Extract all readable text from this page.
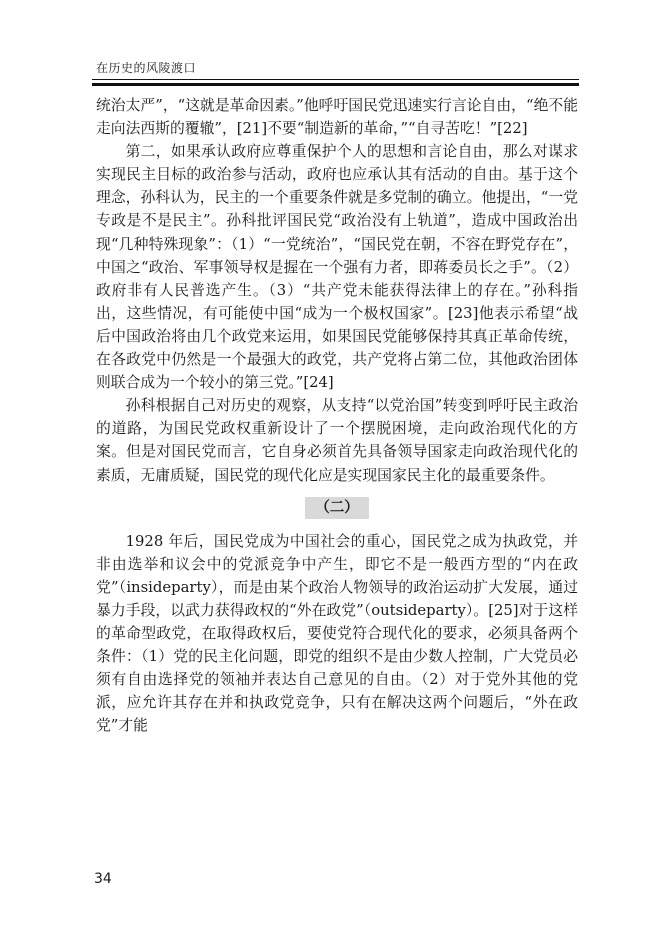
在历史的风陵渡口

统治太严”，“这就是革命因素。”他呼吁国民党迅速实行言论自由，“绝不能走向法西斯的覆辙”，[21]不要“制造新的革命，”“自寻苦吃！”[22]

第二，如果承认政府应尊重保护个人的思想和言论自由，那么对谋求实现民主目标的政治参与活动，政府也应承认其有活动的自由。基于这个理念，孙科认为，民主的一个重要条件就是多党制的确立。他提出，“一党专政是不是民主”。孙科批评国民党“政治没有上轨道”，造成中国政治出现“几种特殊现象”：（1）“一党统治”，“国民党在朝，不容在野党存在”，中国之“政治、军事领导权是握在一个强有力者，即蒋委员长之手”。（2）政府非有人民普选产生。（3）“共产党未能获得法律上的存在。”孙科指出，这些情况，有可能使中国“成为一个极权国家”。[23]他表示希望“战后中国政治将由几个政党来运用，如果国民党能够保持其真正革命传统，在各政党中仍然是一个最强大的政党，共产党将占第二位，其他政治团体则联合成为一个较小的第三党。”[24]

孙科根据自己对历史的观察，从支持“以党治国”转变到呼吁民主政治的道路，为国民党政权重新设计了一个摆脱困境，走向政治现代化的方案。但是对国民党而言，它自身必须首先具备领导国家走向政治现代化的素质，无庸质疑，国民党的现代化应是实现国家民主化的最重要条件。

（二）

1928 年后，国民党成为中国社会的重心，国民党之成为执政党，并非由选举和议会中的党派竞争中产生，即它不是一般西方型的“内在政党”（insideparty），而是由某个政治人物领导的政治运动扩大发展，通过暴力手段，以武力获得政权的“外在政党”（outsideparty）。[25]对于这样的革命型政党，在取得政权后，要使党符合现代化的要求，必须具备两个条件：（1）党的民主化问题，即党的组织不是由少数人控制，广大党员必须有自由选择党的领袖并表达自己意见的自由。（2）对于党外其他的党派，应允许其存在并和执政党竞争，只有在解决这两个问题后，“外在政党”才能

34
